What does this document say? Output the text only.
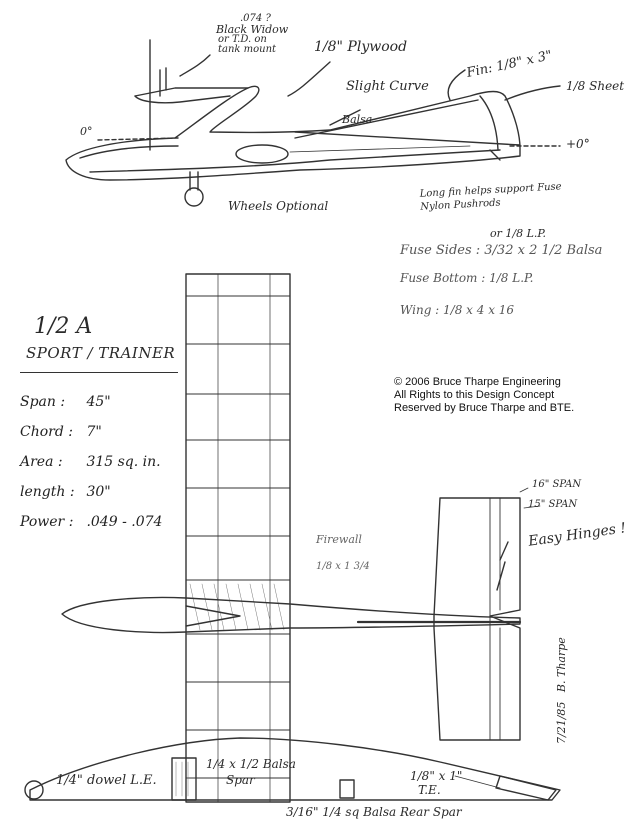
.074 ?
Black Widow
or T.D. on
tank mount	1/8" Plywood
Slight Curve
Balsa
Fin: 1/8" x 3"
1/8 Sheet
0°
+0°
Wheels Optional
Long fin helps support Fuse
Nylon Pushrods
or 1/8 L.P.
Fuse Sides : 3/32 x 2 1/2 Balsa
Fuse Bottom : 1/8 L.P.
Wing : 1/8 x 4 x 16
© 2006 Bruce Tharpe Engineering
All Rights to this Design Concept
Reserved by Bruce Tharpe and BTE.
1/2 A
SPORT / TRAINER
Span : 45"
Chord : 7"
Area : 315 sq. in.
length : 30"
Power : .049 - .074
Firewall
1/8 x 1 3/4
16" SPAN
15" SPAN
Easy Hinges !
1/4" dowel L.E.
1/4 x 1/2 Balsa
Spar	1/8" x 1"
T.E.
3/16" 1/4 sq Balsa Rear Spar
7/21/85 B. Tharpe
